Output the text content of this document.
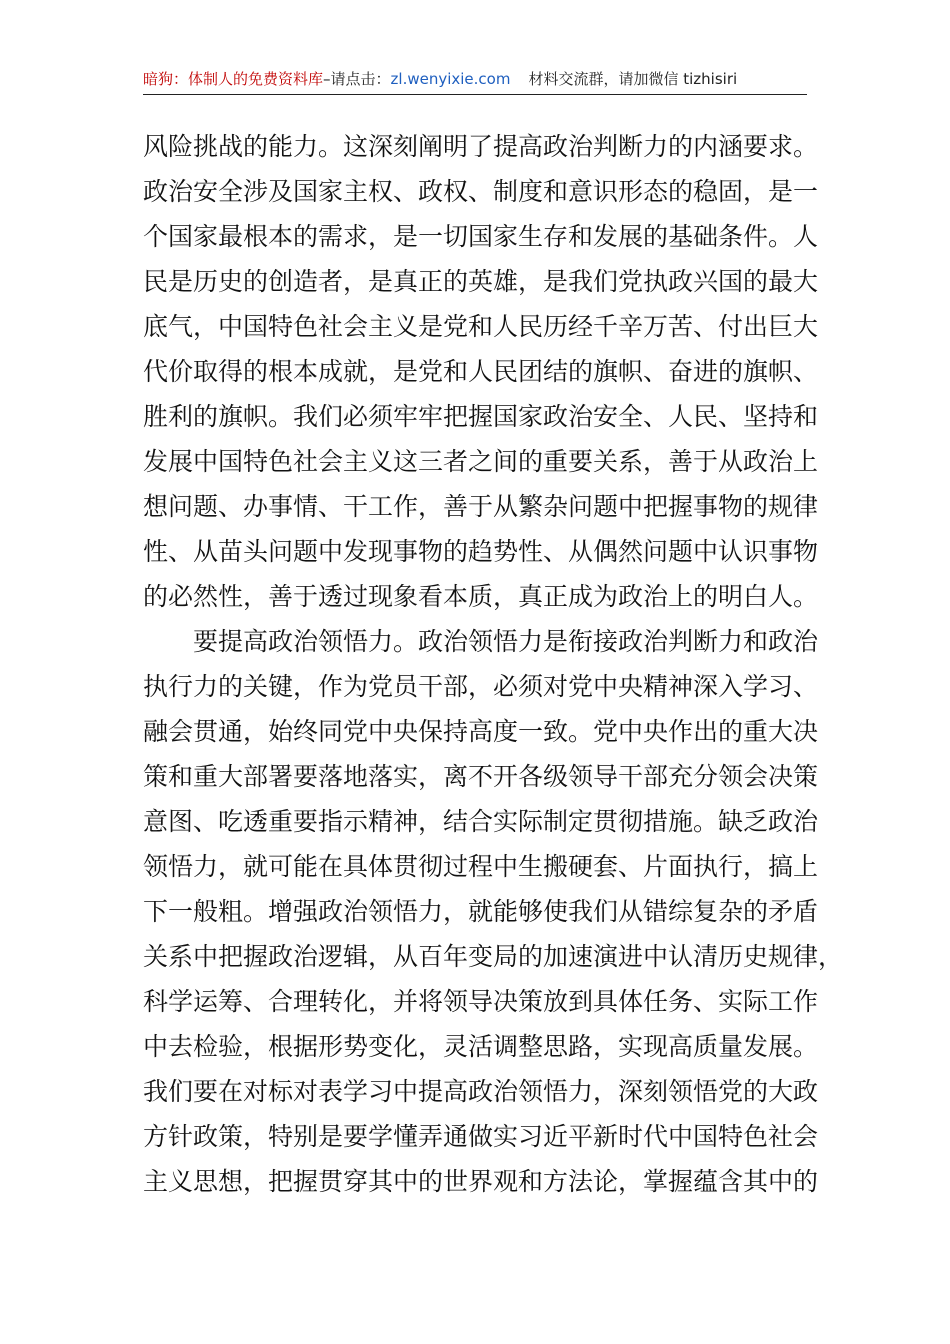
暗狗：体制人的免费资料库–请点击：zl.wenyixie.com 材料交流群，请加微信 tizhisiri
风险挑战的能力。这深刻阐明了提高政治判断力的内涵要求。
政治安全涉及国家主权、政权、制度和意识形态的稳固，是一
个国家最根本的需求，是一切国家生存和发展的基础条件。人
民是历史的创造者，是真正的英雄，是我们党执政兴国的最大
底气，中国特色社会主义是党和人民历经千辛万苦、付出巨大
代价取得的根本成就，是党和人民团结的旗帜、奋进的旗帜、
胜利的旗帜。我们必须牢牢把握国家政治安全、人民、坚持和
发展中国特色社会主义这三者之间的重要关系，善于从政治上
想问题、办事情、干工作，善于从繁杂问题中把握事物的规律
性、从苗头问题中发现事物的趋势性、从偶然问题中认识事物
的必然性，善于透过现象看本质，真正成为政治上的明白人。
要提高政治领悟力。政治领悟力是衔接政治判断力和政治
执行力的关键，作为党员干部，必须对党中央精神深入学习、
融会贯通，始终同党中央保持高度一致。党中央作出的重大决
策和重大部署要落地落实，离不开各级领导干部充分领会决策
意图、吃透重要指示精神，结合实际制定贯彻措施。缺乏政治
领悟力，就可能在具体贯彻过程中生搬硬套、片面执行，搞上
下一般粗。增强政治领悟力，就能够使我们从错综复杂的矛盾
关系中把握政治逻辑，从百年变局的加速演进中认清历史规律，
科学运筹、合理转化，并将领导决策放到具体任务、实际工作
中去检验，根据形势变化，灵活调整思路，实现高质量发展。
我们要在对标对表学习中提高政治领悟力，深刻领悟党的大政
方针政策，特别是要学懂弄通做实习近平新时代中国特色社会
主义思想，把握贯穿其中的世界观和方法论，掌握蕴含其中的
